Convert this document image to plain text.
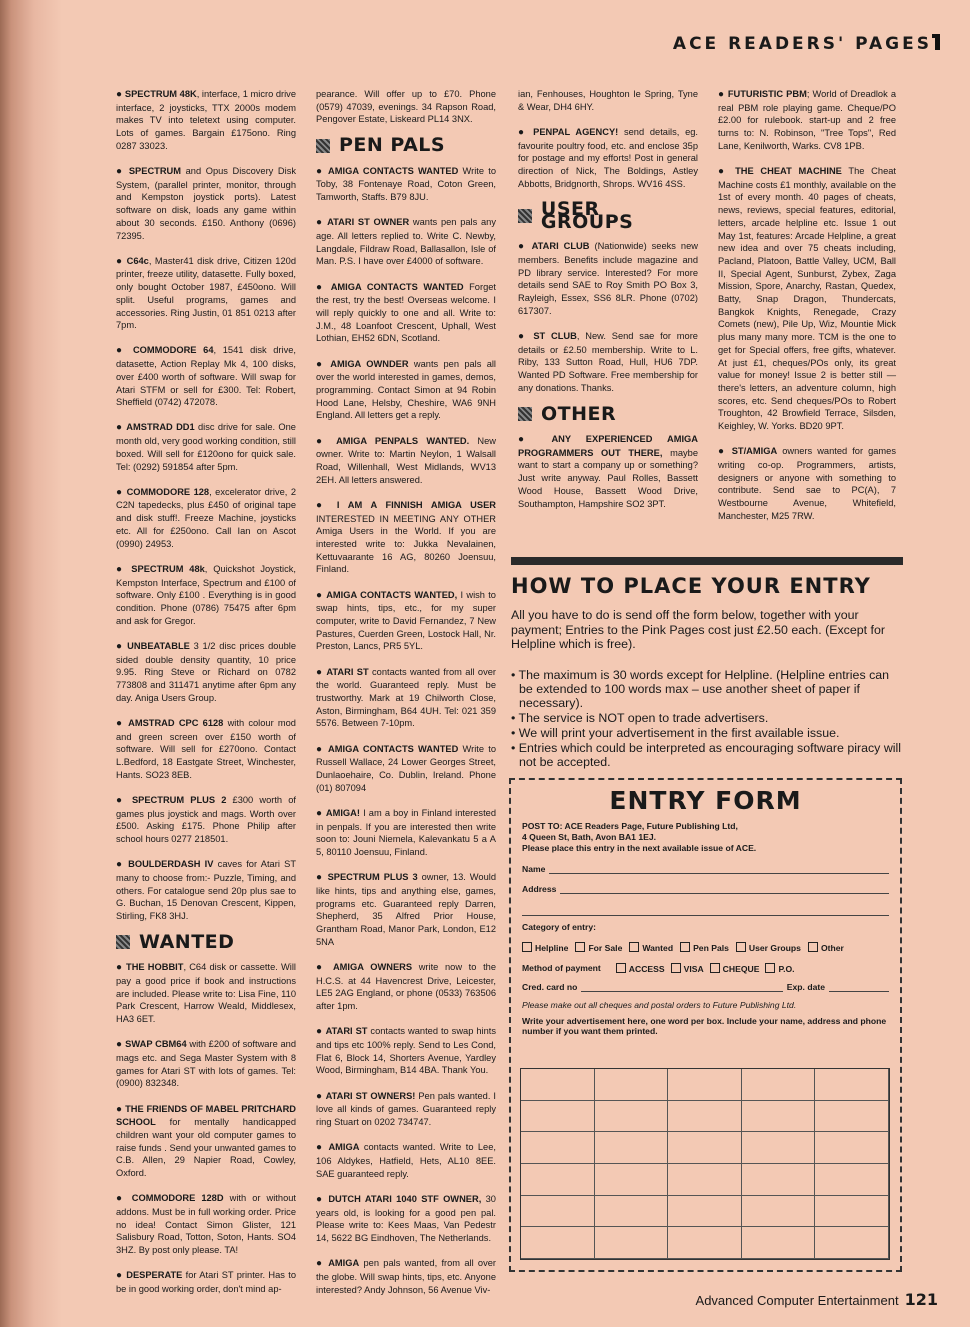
ACE READERS' PAGES
● SPECTRUM 48K, interface, 1 micro drive interface, 2 joysticks, TTX 2000s modem makes TV into teletext using computer. Lots of games. Bargain £175ono. Ring 0287 33023.
● SPECTRUM and Opus Discovery Disk System, (parallel printer, monitor, through and Kempston joystick ports). Latest software on disk, loads any game within about 30 seconds. £150. Anthony (0696) 72395.
● C64c, Master41 disk drive, Citizen 120d printer, freeze utility, datasette. Fully boxed, only bought October 1987, £450ono. Will split. Useful programs, games and accessories. Ring Justin, 01 851 0213 after 7pm.
● COMMODORE 64, 1541 disk drive, datasette, Action Replay Mk 4, 100 disks, over £400 worth of software. Will swap for Atari STFM or sell for £300. Tel: Robert, Sheffield (0742) 472078.
● AMSTRAD DD1 disc drive for sale. One month old, very good working condition, still boxed. Will sell for £120ono for quick sale. Tel: (0292) 591854 after 5pm.
● COMMODORE 128, excelerator drive, 2 C2N tapedecks, plus £450 of original tape and disk stuff!. Freeze Machine, joysticks etc. All for £250ono. Call Ian on Ascot (0990) 24953.
● SPECTRUM 48k, Quickshot Joystick, Kempston Interface, Spectrum and £100 of software. Only £100 . Everything is in good condition. Phone (0786) 75475 after 6pm and ask for Gregor.
● UNBEATABLE 3 1/2 disc prices double sided double density quantity, 10 price 9.95. Ring Steve or Richard on 0782 773808 and 311471 anytime after 6pm any day. Aniga Users Group.
● AMSTRAD CPC 6128 with colour mod and green screen over £150 worth of software. Will sell for £270ono. Contact L.Bedford, 18 Eastgate Street, Winchester, Hants. SO23 8EB.
● SPECTRUM PLUS 2 £300 worth of games plus joystick and mags. Worth over £500. Asking £175. Phone Philip after school hours 0277 218501.
● BOULDERDASH IV caves for Atari ST many to choose from:- Puzzle, Timing, and others. For catalogue send 20p plus sae to G. Buchan, 15 Denovan Crescent, Kippen, Stirling, FK8 3HJ.
WANTED
● THE HOBBIT, C64 disk or cassette. Will pay a good price if book and instructions are included. Please write to: Lisa Fine, 110 Park Crescent, Harrow Weald, Middlesex, HA3 6ET.
● SWAP CBM64 with £200 of software and mags etc. and Sega Master System with 8 games for Atari ST with lots of games. Tel: (0900) 832348.
● THE FRIENDS OF MABEL PRITCHARD SCHOOL for mentally handicapped children want your old computer games to raise funds . Send your unwanted games to C.B. Allen, 29 Napier Road, Cowley, Oxford.
● COMMODORE 128D with or without addons. Must be in full working order. Price no idea! Contact Simon Glister, 121 Salisbury Road, Totton, Soton, Hants. SO4 3HZ. By post only please. TA!
● DESPERATE for Atari ST printer. Has to be in good working order, don't mind ap-
pearance. Will offer up to £70. Phone (0579) 47039, evenings. 34 Rapson Road, Pengover Estate, Liskeard PL14 3NX.
PEN PALS
● AMIGA CONTACTS WANTED Write to Toby, 38 Fontenaye Road, Coton Green, Tamworth, Staffs. B79 8JU.
● ATARI ST OWNER wants pen pals any age. All letters replied to. Write C. Newby, Langdale, Fildraw Road, Ballasallon, Isle of Man. P.S. I have over £4000 of software.
● AMIGA CONTACTS WANTED Forget the rest, try the best! Overseas welcome. I will reply quickly to one and all. Write to: J.M., 48 Loanfoot Crescent, Uphall, West Lothian, EH52 6DN, Scotland.
● AMIGA OWNDER wants pen pals all over the world interested in games, demos, programming. Contact Simon at 94 Robin Hood Lane, Helsby, Cheshire, WA6 9NH England. All letters get a reply.
● AMIGA PENPALS WANTED. New owner. Write to: Martin Neylon, 1 Walsall Road, Willenhall, West Midlands, WV13 2EH. All letters answered.
● I AM A FINNISH AMIGA USER INTERESTED IN MEETING ANY OTHER Amiga Users in the World. If you are interested write to: Jukka Nevalainen, Kettuvaarante 16 AG, 80260 Joensuu, Finland.
● AMIGA CONTACTS WANTED, I wish to swap hints, tips, etc., for my super computer, write to David Fernandez, 7 New Pastures, Cuerden Green, Lostock Hall, Nr. Preston, Lancs, PR5 5YL.
● ATARI ST contacts wanted from all over the world. Guaranteed reply. Must be trustworthy. Mark at 19 Chilworth Close, Aston, Birmingham, B64 4UH. Tel: 021 359 5576. Between 7-10pm.
● AMIGA CONTACTS WANTED Write to Russell Wallace, 24 Lower Georges Street, Dunlaoehaire, Co. Dublin, Ireland. Phone (01) 807094
● AMIGA! I am a boy in Finland interested in penpals. If you are interested then write soon to: Jouni Niemela, Kalevankatu 5 a A 5, 80110 Joensuu, Finland.
● SPECTRUM PLUS 3 owner, 13. Would like hints, tips and anything else, games, programs etc. Guaranteed reply Darren, Shepherd, 35 Alfred Prior House, Grantham Road, Manor Park, London, E12 5NA
● AMIGA OWNERS write now to the H.C.S. at 44 Havencrest Drive, Leicester, LE5 2AG England, or phone (0533) 763506 after 1pm.
● ATARI ST contacts wanted to swap hints and tips etc 100% reply. Send to Les Cond, Flat 6, Block 14, Shorters Avenue, Yardley Wood, Birmingham, B14 4BA. Thank You.
● ATARI ST OWNERS! Pen pals wanted. I love all kinds of games. Guaranteed reply ring Stuart on 0202 734747.
● AMIGA contacts wanted. Write to Lee, 106 Aldykes, Hatfield, Hets, AL10 8EE. SAE guaranteed reply.
● DUTCH ATARI 1040 STF OWNER, 30 years old, is looking for a good pen pal. Please write to: Kees Maas, Van Pedestr 14, 5622 BG Eindhoven, The Netherlands.
● AMIGA pen pals wanted, from all over the globe. Will swap hints, tips, etc. Anyone interested? Andy Johnson, 56 Avenue Viv-
ian, Fenhouses, Houghton le Spring, Tyne & Wear, DH4 6HY.
● PENPAL AGENCY! send details, eg. favourite poultry food, etc. and enclose 35p for postage and my efforts! Post in general direction of Nick, The Boldings, Astley Abbotts, Bridgnorth, Shrops. WV16 4SS.
USER GROUPS
● ATARI CLUB (Nationwide) seeks new members. Benefits include magazine and PD library service. Interested? For more details send SAE to Roy Smith PO Box 3, Rayleigh, Essex, SS6 8LR. Phone (0702) 617307.
● ST CLUB, New. Send sae for more details or £2.50 membership. Write to L. Riby, 133 Sutton Road, Hull, HU6 7DP. Wanted PD Software. Free membership for any donations. Thanks.
OTHER
● ANY EXPERIENCED AMIGA PROGRAMMERS OUT THERE, maybe want to start a company up or something? Just write anyway. Paul Rolles, Bassett Wood House, Bassett Wood Drive, Southampton, Hampshire SO2 3PT.
● FUTURISTIC PBM; World of Dreadlok a real PBM role playing game. Cheque/PO £2.00 for rulebook. start-up and 2 free turns to: N. Robinson, "Tree Tops", Red Lane, Kenilworth, Warks. CV8 1PB.
● THE CHEAT MACHINE The Cheat Machine costs £1 monthly, available on the 1st of every month. 40 pages of cheats, news, reviews, special features, editorial, letters, arcade helpline etc. Issue 1 out May 1st, features: Arcade Helpline, a great new idea and over 75 cheats including, Pacland, Platoon, Battle Valley, UCM, Ball II, Special Agent, Sunburst, Zybex, Zaga Mission, Spore, Anarchy, Rastan, Quedex, Batty, Snap Dragon, Thundercats, Bangkok Knights, Renegade, Crazy Comets (new), Pile Up, Wiz, Mountie Mick plus many many more. TCM is the one to get for Special offers, free gifts, whatever. At just £1, cheques/POs only, its great value for money! Issue 2 is better still — there's letters, an adventure column, high scores, etc. Send cheques/POs to Robert Troughton, 42 Browfield Terrace, Silsden, Keighley, W. Yorks. BD20 9PT.
● ST/AMIGA owners wanted for games writing co-op. Programmers, artists, designers or anyone with something to contribute. Send sae to PC(A), 7 Westbourne Avenue, Whitefield, Manchester, M25 7RW.
HOW TO PLACE YOUR ENTRY

All you have to do is send off the form below, together with your payment; Entries to the Pink Pages cost just £2.50 each. (Except for Helpline which is free).

• The maximum is 30 words except for Helpline. (Helpline entries can be extended to 100 words max – use another sheet of paper if necessary).
• The service is NOT open to trade advertisers.
• We will print your advertisement in the first available issue.
• Entries which could be interpreted as encouraging software piracy will not be accepted.
ENTRY FORM
POST TO: ACE Readers Page, Future Publishing Ltd,
4 Queen St, Bath, Avon BA1 1EJ.
Please place this entry in the next available issue of ACE.
Name
Address
Category of entry:
Helpline	For Sale	Wanted	Pen Pals	User Groups	Other
Method of payment	ACCESS	VISA	CHEQUE	P.O.
Cred. card no	Exp. date
Please make out all cheques and postal orders to Future Publishing Ltd.
Write your advertisement here, one word per box. Include your name, address and phone number if you want them printed.
Advanced Computer Entertainment 121
